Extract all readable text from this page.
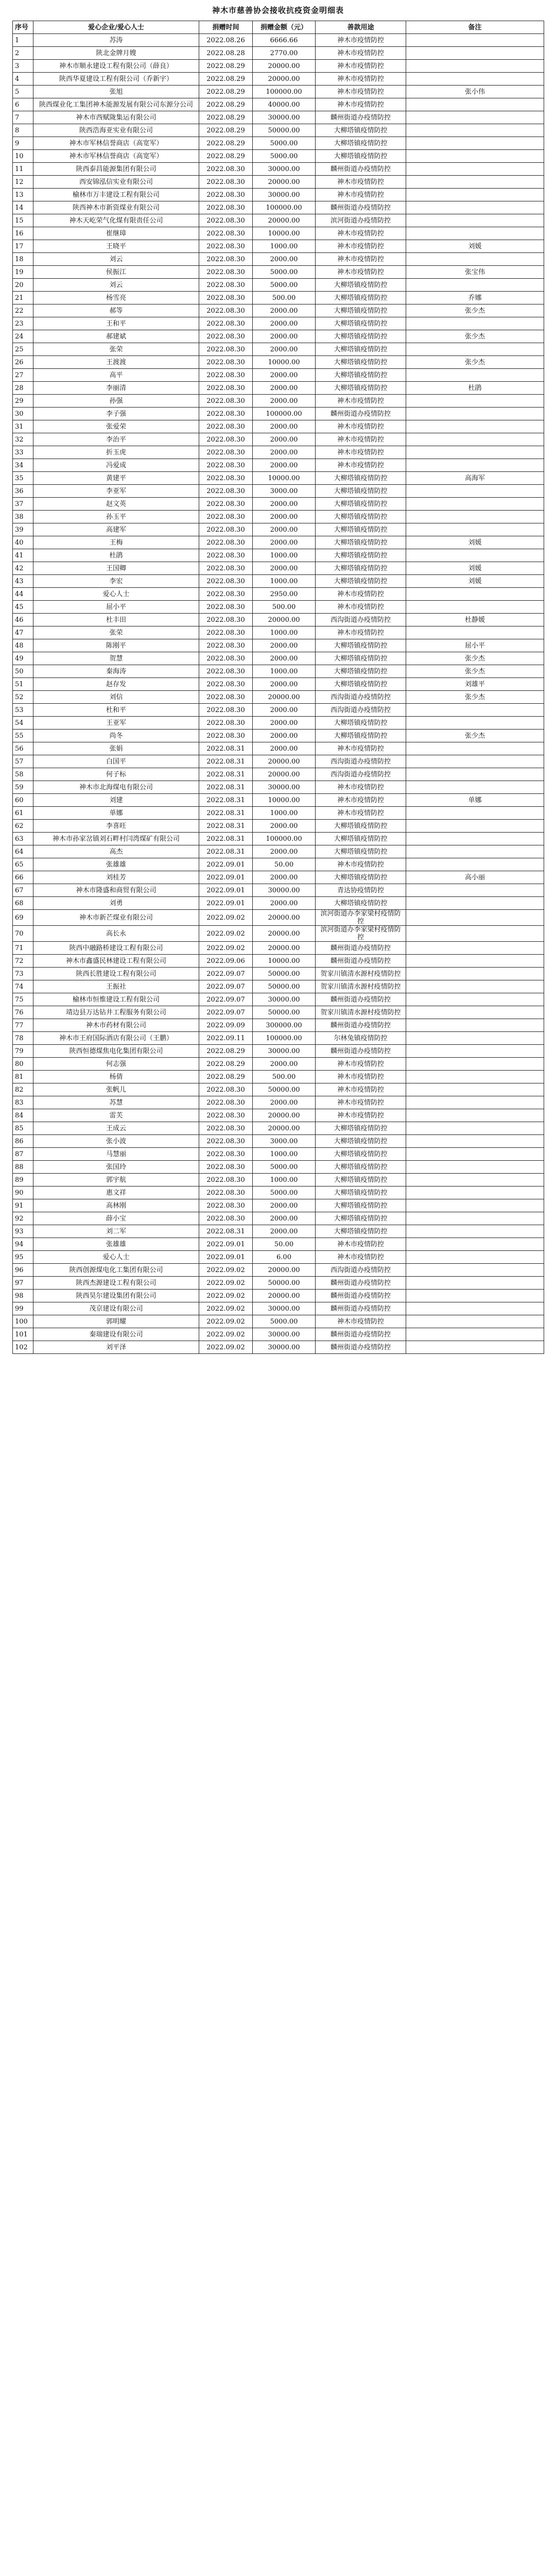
神木市慈善协会接收抗疫资金明细表
序号	爱心企业/爱心人士	捐赠时间	捐赠金额（元）	善款用途	备注
1	苏涛	2022.08.26	6666.66	神木市疫情防控	
2	陕北金牌月嫂	2022.08.28	2770.00	神木市疫情防控	
3	神木市顺永建设工程有限公司（薛良）	2022.08.29	20000.00	神木市疫情防控	
4	陕西华夏建设工程有限公司（乔新宇）	2022.08.29	20000.00	神木市疫情防控	
5	张旭	2022.08.29	100000.00	神木市疫情防控	张小伟
6	陕西煤业化工集团神木能源发展有限公司东源分公司	2022.08.29	40000.00	神木市疫情防控	
7	神木市西赋陇集运有限公司	2022.08.29	30000.00	麟州街道办疫情防控	
8	陕西浩海亚实业有限公司	2022.08.29	50000.00	大柳塔镇疫情防控	
9	神木市军林信誉商店（高宽军）	2022.08.29	5000.00	大柳塔镇疫情防控	
10	神木市军林信誉商店（高宽军）	2022.08.29	5000.00	大柳塔镇疫情防控	
11	陕西泰昌能源集团有限公司	2022.08.30	30000.00	麟州街道办疫情防控	
12	西安锦泓信实业有限公司	2022.08.30	20000.00	神木市疫情防控	
13	榆林市万丰建设工程有限公司	2022.08.30	30000.00	神木市疫情防控	
14	陕西神木市新资煤业有限公司	2022.08.30	100000.00	麟州街道办疫情防控	
15	神木天屹荣气化煤有限责任公司	2022.08.30	20000.00	滨河街道办疫情防控	
16	崔继璋	2022.08.30	10000.00	神木市疫情防控	
17	王晓平	2022.08.30	1000.00	神木市疫情防控	刘媛
18	刘云	2022.08.30	2000.00	神木市疫情防控	
19	侯振江	2022.08.30	5000.00	神木市疫情防控	张宝伟
20	刘云	2022.08.30	5000.00	大柳塔镇疫情防控	
21	杨雪亮	2022.08.30	500.00	大柳塔镇疫情防控	乔娜
22	郝等	2022.08.30	2000.00	大柳塔镇疫情防控	张少杰
23	王和平	2022.08.30	2000.00	大柳塔镇疫情防控	
24	郝建斌	2022.08.30	2000.00	大柳塔镇疫情防控	张少杰
25	张荣	2022.08.30	2000.00	大柳塔镇疫情防控	
26	王渡渡	2022.08.30	10000.00	大柳塔镇疫情防控	张少杰
27	高平	2022.08.30	2000.00	大柳塔镇疫情防控	
28	李丽清	2022.08.30	2000.00	大柳塔镇疫情防控	杜鹃
29	孙强	2022.08.30	2000.00	神木市疫情防控	
30	李子强	2022.08.30	100000.00	麟州街道办疫情防控	
31	张爱荣	2022.08.30	2000.00	神木市疫情防控	
32	李治平	2022.08.30	2000.00	神木市疫情防控	
33	折玉虎	2022.08.30	2000.00	神木市疫情防控	
34	冯爱成	2022.08.30	2000.00	神木市疫情防控	
35	黄建平	2022.08.30	10000.00	大柳塔镇疫情防控	高海军
36	李亚军	2022.08.30	3000.00	大柳塔镇疫情防控	
37	赵文英	2022.08.30	2000.00	大柳塔镇疫情防控	
38	孙玉平	2022.08.30	2000.00	大柳塔镇疫情防控	
39	高建军	2022.08.30	2000.00	大柳塔镇疫情防控	
40	王梅	2022.08.30	2000.00	大柳塔镇疫情防控	刘媛
41	杜鹃	2022.08.30	1000.00	大柳塔镇疫情防控	
42	王国卿	2022.08.30	2000.00	大柳塔镇疫情防控	刘媛
43	李宏	2022.08.30	1000.00	大柳塔镇疫情防控	刘媛
44	爱心人士	2022.08.30	2950.00	神木市疫情防控	
45	屈小平	2022.08.30	500.00	神木市疫情防控	
46	杜丰田	2022.08.30	20000.00	西沟街道办疫情防控	杜静媛
47	张荣	2022.08.30	1000.00	神木市疫情防控	
48	陈刚平	2022.08.30	2000.00	大柳塔镇疫情防控	屈小平
49	贺慧	2022.08.30	2000.00	大柳塔镇疫情防控	张少杰
50	秦海涛	2022.08.30	1000.00	大柳塔镇疫情防控	张少杰
51	赵存发	2022.08.30	2000.00	大柳塔镇疫情防控	刘雄平
52	刘信	2022.08.30	20000.00	西沟街道办疫情防控	张少杰
53	杜和平	2022.08.30	2000.00	西沟街道办疫情防控	
54	王亚军	2022.08.30	2000.00	大柳塔镇疫情防控	
55	尚冬	2022.08.30	2000.00	大柳塔镇疫情防控	张少杰
56	张娟	2022.08.31	2000.00	神木市疫情防控	
57	白国平	2022.08.31	20000.00	西沟街道办疫情防控	
58	何子标	2022.08.31	20000.00	西沟街道办疫情防控	
59	神木市北海煤电有限公司	2022.08.31	30000.00	神木市疫情防控	
60	刘建	2022.08.31	10000.00	神木市疫情防控	单娜
61	单娜	2022.08.31	1000.00	神木市疫情防控	
62	李喜旺	2022.08.31	2000.00	大柳塔镇疫情防控	
63	神木市孙家岔镇刘石畔村闫湾煤矿有限公司	2022.08.31	100000.00	大柳塔镇疫情防控	
64	高杰	2022.08.31	2000.00	大柳塔镇疫情防控	
65	张雄雄	2022.09.01	50.00	神木市疫情防控	
66	刘桂芳	2022.09.01	2000.00	大柳塔镇疫情防控	高小丽
67	神木市隆盛和商贸有限公司	2022.09.01	30000.00	青达协疫情防控	
68	刘勇	2022.09.01	2000.00	大柳塔镇疫情防控	
69	神木市新芒煤业有限公司	2022.09.02	20000.00	滨河街道办李家梁村疫情防控	
70	高长永	2022.09.02	20000.00	滨河街道办李家梁村疫情防控	
71	陕西中融路桥建设工程有限公司	2022.09.02	20000.00	麟州街道办疫情防控	
72	神木市鑫盛民林建设工程有限公司	2022.09.06	10000.00	麟州街道办疫情防控	
73	陕西长胜建设工程有限公司	2022.09.07	50000.00	贺家川镇清水源村疫情防控	
74	王振社	2022.09.07	50000.00	贺家川镇清水源村疫情防控	
75	榆林市恒惟建设工程有限公司	2022.09.07	30000.00	麟州街道办疫情防控	
76	靖边县万达钻井工程服务有限公司	2022.09.07	50000.00	贺家川镇清水源村疫情防控	
77	神木市药材有限公司	2022.09.09	300000.00	麟州街道办疫情防控	
78	神木市王府国际酒店有限公司（王鹏）	2022.09.11	100000.00	尔林兔镇疫情防控	
79	陕西恒德煤焦电化集团有限公司	2022.08.29	30000.00	麟州街道办疫情防控	
80	何志强	2022.08.29	2000.00	神木市疫情防控	
81	杨倩	2022.08.29	500.00	神木市疫情防控	
82	张帆儿	2022.08.30	50000.00	神木市疫情防控	
83	苏慧	2022.08.30	2000.00	神木市疫情防控	
84	雷芙	2022.08.30	20000.00	神木市疫情防控	
85	王成云	2022.08.30	20000.00	大柳塔镇疫情防控	
86	张小波	2022.08.30	3000.00	大柳塔镇疫情防控	
87	马慧丽	2022.08.30	1000.00	大柳塔镇疫情防控	
88	张国玲	2022.08.30	5000.00	大柳塔镇疫情防控	
89	郭宇航	2022.08.30	1000.00	大柳塔镇疫情防控	
90	惠文祥	2022.08.30	5000.00	大柳塔镇疫情防控	
91	高林刚	2022.08.30	2000.00	大柳塔镇疫情防控	
92	薛小宝	2022.08.30	2000.00	大柳塔镇疫情防控	
93	刘二军	2022.08.31	2000.00	大柳塔镇疫情防控	
94	张雄雄	2022.09.01	50.00	神木市疫情防控	
95	爱心人士	2022.09.01	6.00	神木市疫情防控	
96	陕西创源煤电化工集团有限公司	2022.09.02	20000.00	西沟街道办疫情防控	
97	陕西杰源建设工程有限公司	2022.09.02	50000.00	麟州街道办疫情防控	
98	陕西昊尔建设集团有限公司	2022.09.02	20000.00	麟州街道办疫情防控	
99	茂京建设有限公司	2022.09.02	30000.00	麟州街道办疫情防控	
100	郭明耀	2022.09.02	5000.00	神木市疫情防控	
101	秦瑞建设有限公司	2022.09.02	30000.00	麟州街道办疫情防控	
102	刘平泽	2022.09.02	30000.00	麟州街道办疫情防控	
